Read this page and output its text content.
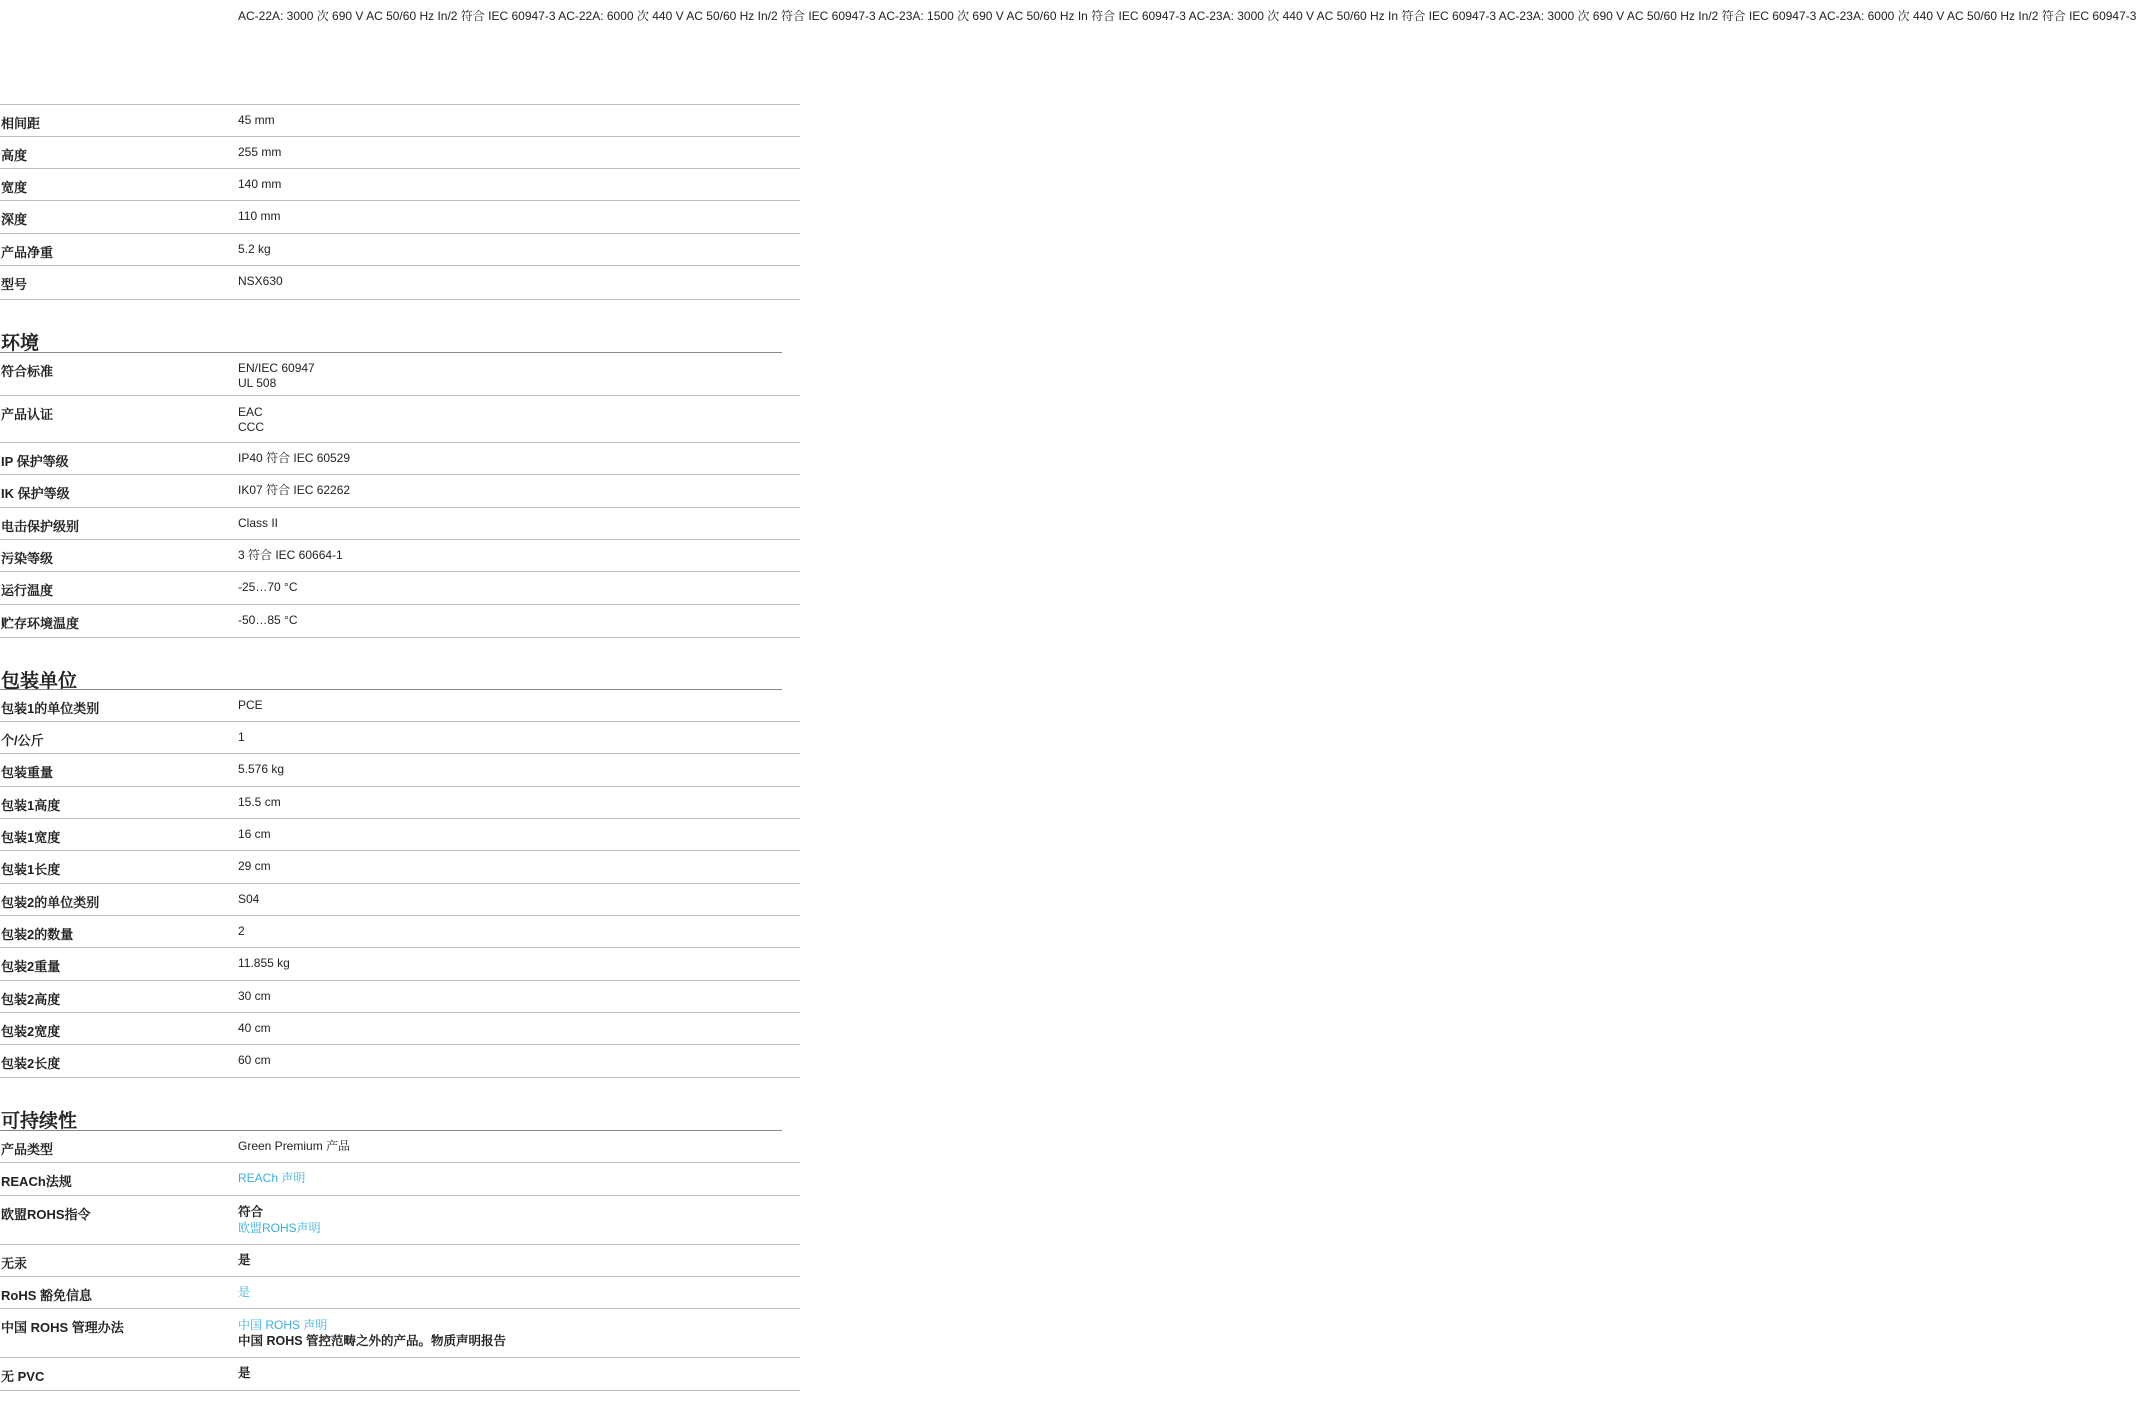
AC-22A: 3000 次 690 V AC 50/60 Hz In/2 符合 IEC 60947-3 AC-22A: 6000 次 440 V AC 50/60 Hz In/2 符合 IEC 60947-3 AC-23A: 1500 次 690 V AC 50/60 Hz In 符合 IEC 60947-3 AC-23A: 3000 次 440 V AC 50/60 Hz In 符合 IEC 60947-3 AC-23A: 3000 次 690 V AC 50/60 Hz In/2 符合 IEC 60947-3 AC-23A: 6000 次 440 V AC 50/60 Hz In/2 符合 IEC 60947-3
相间距	45 mm
高度	255 mm
宽度	140 mm
深度	110 mm
产品净重	5.2 kg
型号	NSX630
环境
符合标准	EN/IEC 60947
UL 508
产品认证	EAC
CCC
IP 保护等级	IP40 符合 IEC 60529
IK 保护等级	IK07 符合 IEC 62262
电击保护级别	Class II
污染等级	3 符合 IEC 60664-1
运行温度	-25…70 °C
贮存环境温度	-50…85 °C
包装单位
包装1的单位类别	PCE
个/公斤	1
包装重量	5.576 kg
包装1高度	15.5 cm
包装1宽度	16 cm
包装1长度	29 cm
包装2的单位类别	S04
包装2的数量	2
包装2重量	11.855 kg
包装2高度	30 cm
包装2宽度	40 cm
包装2长度	60 cm
可持续性
产品类型	Green Premium 产品
REACh法规	REACh 声明
欧盟ROHS指令	符合
欧盟ROHS声明
无汞	是
RoHS 豁免信息	是
中国 ROHS 管理办法	中国 ROHS 声明
中国 ROHS 管控范畴之外的产品。物质声明报告
无 PVC	是
